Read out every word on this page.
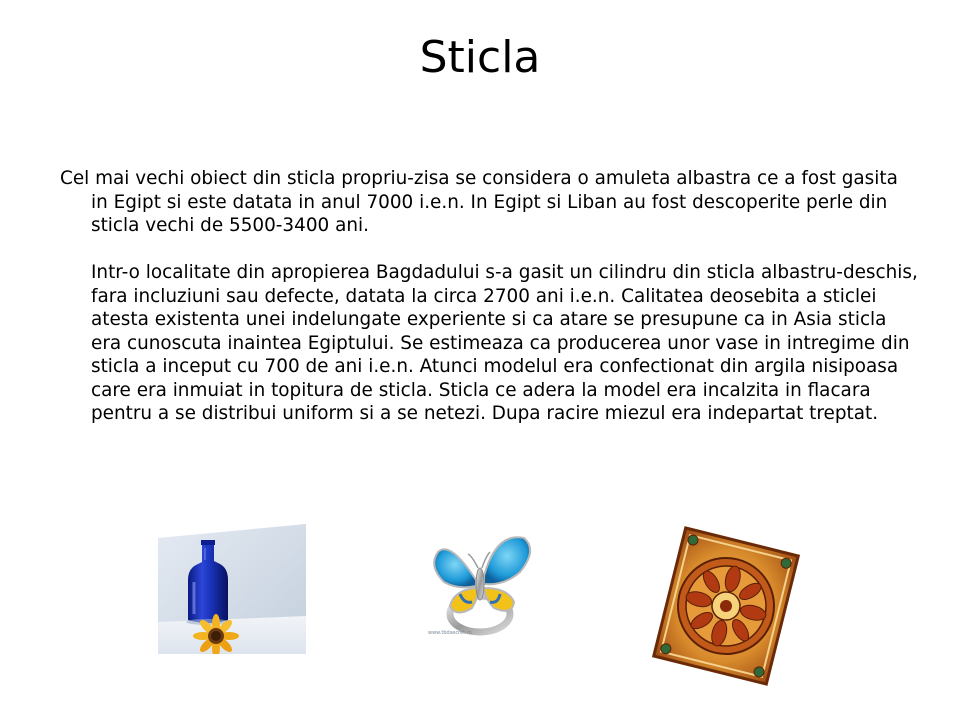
Sticla

Cel mai vechi obiect din sticla propriu-zisa se considera o amuleta albastra ce a fost gasita in Egipt si este datata in anul 7000 i.e.n. In Egipt si Liban au fost descoperite perle din sticla vechi de 5500-3400 ani.

Intr-o localitate din apropierea Bagdadului s-a gasit un cilindru din sticla albastru-deschis, fara incluziuni sau defecte, datata la circa 2700 ani i.e.n. Calitatea deosebita a sticlei atesta existenta unei indelungate experiente si ca atare se presupune ca in Asia sticla era cunoscuta inaintea Egiptului. Se estimeaza ca producerea unor vase in intregime din sticla a inceput cu 700 de ani i.e.n. Atunci modelul era confectionat din argila nisipoasa care era inmuiat in topitura de sticla. Sticla ce adera la model era incalzita in flacara pentru a se distribui uniform si a se netezi. Dupa racire miezul era indepartat treptat.

www.tbdsecret.ro
